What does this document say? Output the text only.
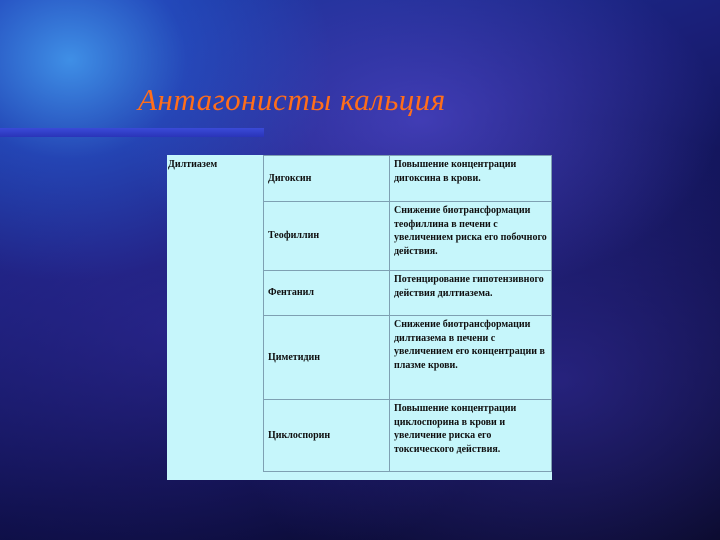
Антагонисты кальция
Дилтиазем	Дигоксин	Повышение концентрации дигоксина в крови.
	Теофиллин	Снижение биотрансформации теофиллина в печени с увеличением риска его побочного действия.
	Фентанил	Потенцирование гипотензивного действия дилтиазема.
	Циметидин	Снижение биотрансформации дилтиазема в печени с увеличением его концентрации в плазме крови.
	Циклоспорин	Повышение концентрации циклоспорина в крови и увеличение риска его токсического действия.
